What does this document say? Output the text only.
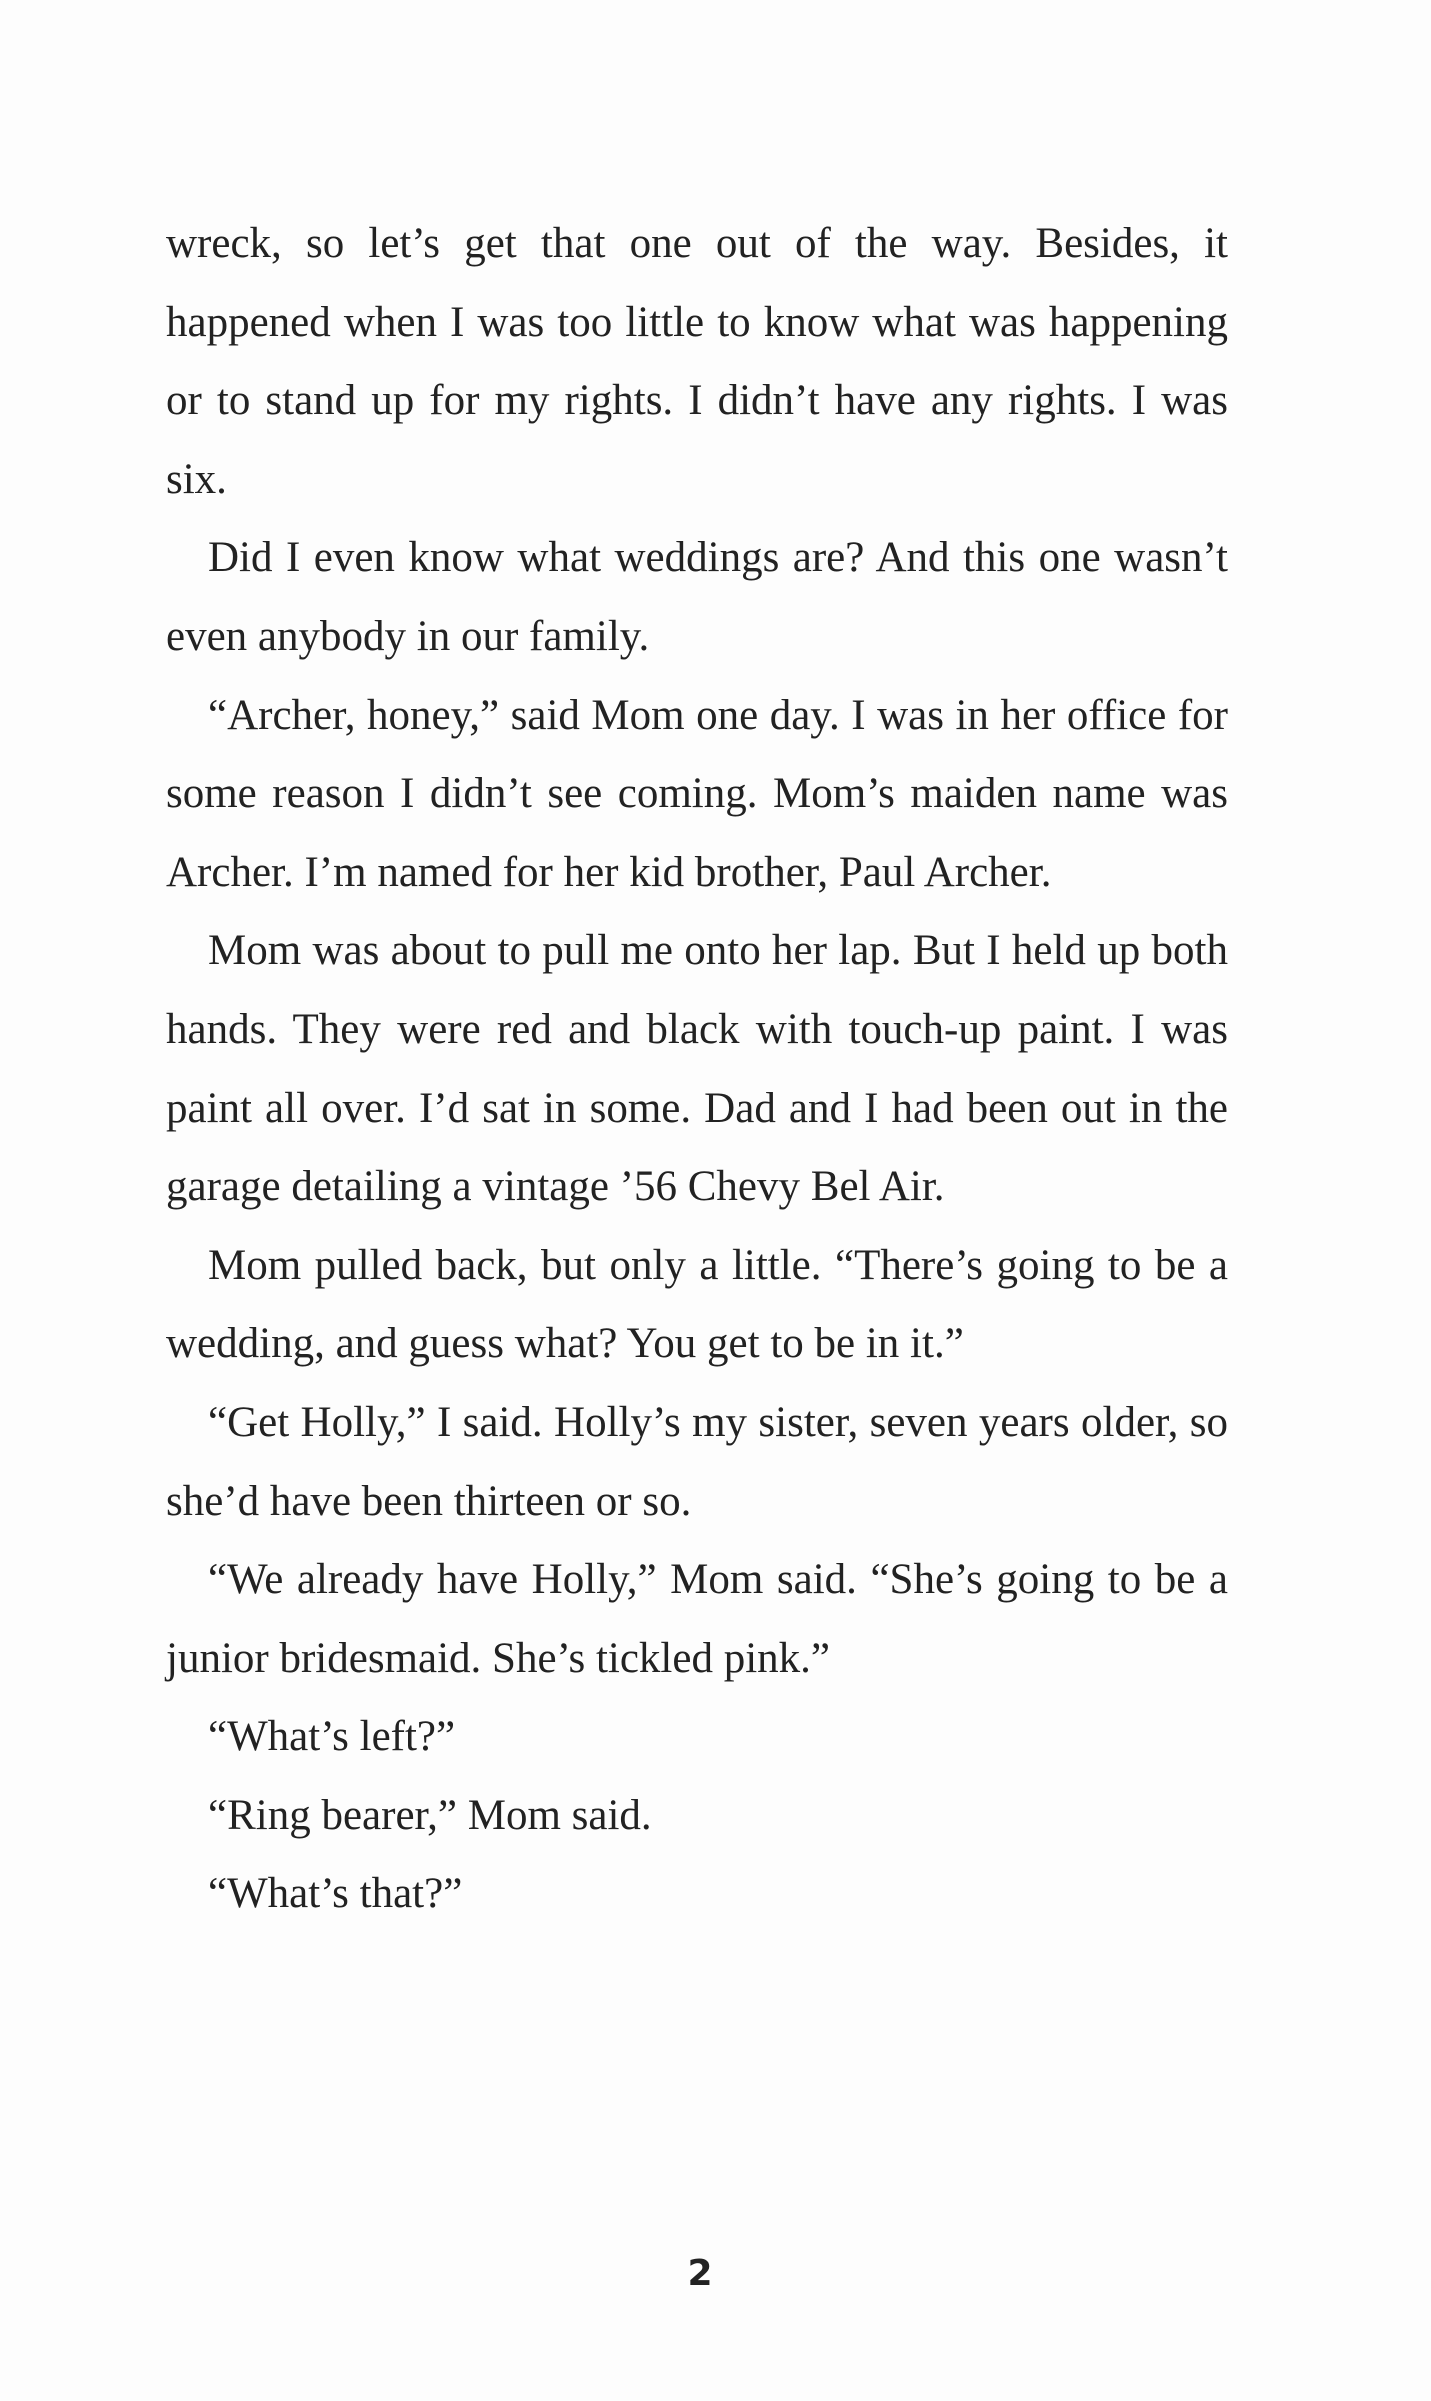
wreck, so let’s get that one out of the way. Besides, it happened when I was too little to know what was happening or to stand up for my rights. I didn’t have any rights. I was six.

Did I even know what weddings are? And this one wasn’t even anybody in our family.

“Archer, honey,” said Mom one day. I was in her office for some reason I didn’t see coming. Mom’s maiden name was Archer. I’m named for her kid brother, Paul Archer.

Mom was about to pull me onto her lap. But I held up both hands. They were red and black with touch-up paint. I was paint all over. I’d sat in some. Dad and I had been out in the garage detailing a vintage ’56 Chevy Bel Air.

Mom pulled back, but only a little. “There’s going to be a wedding, and guess what? You get to be in it.”

“Get Holly,” I said. Holly’s my sister, seven years older, so she’d have been thirteen or so.

“We already have Holly,” Mom said. “She’s going to be a junior bridesmaid. She’s tickled pink.”

“What’s left?”

“Ring bearer,” Mom said.

“What’s that?”

2
